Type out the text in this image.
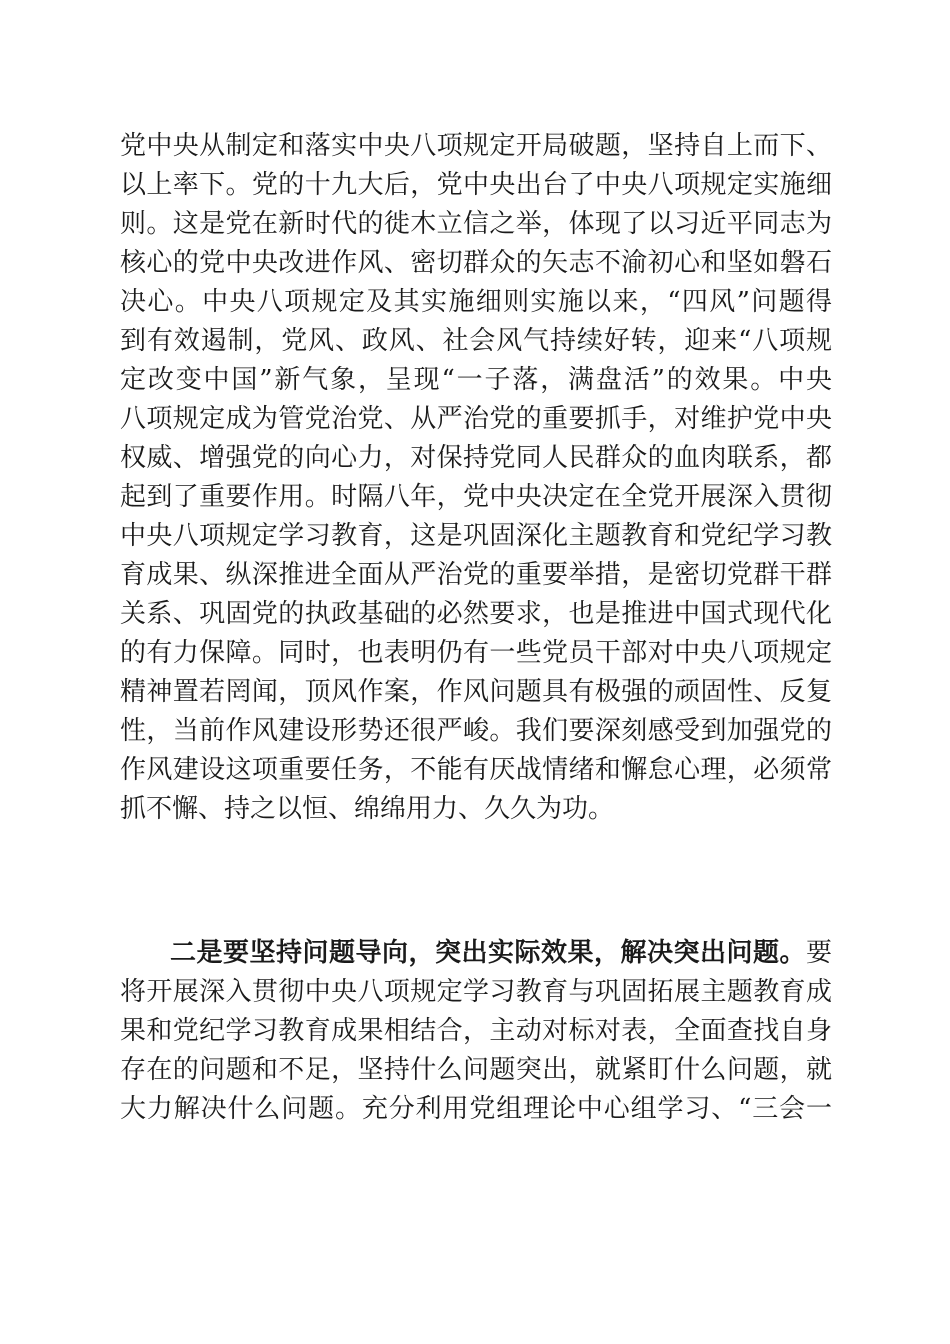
党中央从制定和落实中央八项规定开局破题，坚持自上而下、
以上率下。党的十九大后，党中央出台了中央八项规定实施细
则。这是党在新时代的徙木立信之举，体现了以习近平同志为
核心的党中央改进作风、密切群众的矢志不渝初心和坚如磐石
决心。中央八项规定及其实施细则实施以来，“四风”问题得
到有效遏制，党风、政风、社会风气持续好转，迎来“八项规
定改变中国”新气象，呈现“一子落，满盘活”的效果。中央
八项规定成为管党治党、从严治党的重要抓手，对维护党中央
权威、增强党的向心力，对保持党同人民群众的血肉联系，都
起到了重要作用。时隔八年，党中央决定在全党开展深入贯彻
中央八项规定学习教育，这是巩固深化主题教育和党纪学习教
育成果、纵深推进全面从严治党的重要举措，是密切党群干群
关系、巩固党的执政基础的必然要求，也是推进中国式现代化
的有力保障。同时，也表明仍有一些党员干部对中央八项规定
精神置若罔闻，顶风作案，作风问题具有极强的顽固性、反复
性，当前作风建设形势还很严峻。我们要深刻感受到加强党的
作风建设这项重要任务，不能有厌战情绪和懈怠心理，必须常
抓不懈、持之以恒、绵绵用力、久久为功。
二是要坚持问题导向，突出实际效果，解决突出问题。要
将开展深入贯彻中央八项规定学习教育与巩固拓展主题教育成
果和党纪学习教育成果相结合，主动对标对表，全面查找自身
存在的问题和不足，坚持什么问题突出，就紧盯什么问题，就
大力解决什么问题。充分利用党组理论中心组学习、“三会一
